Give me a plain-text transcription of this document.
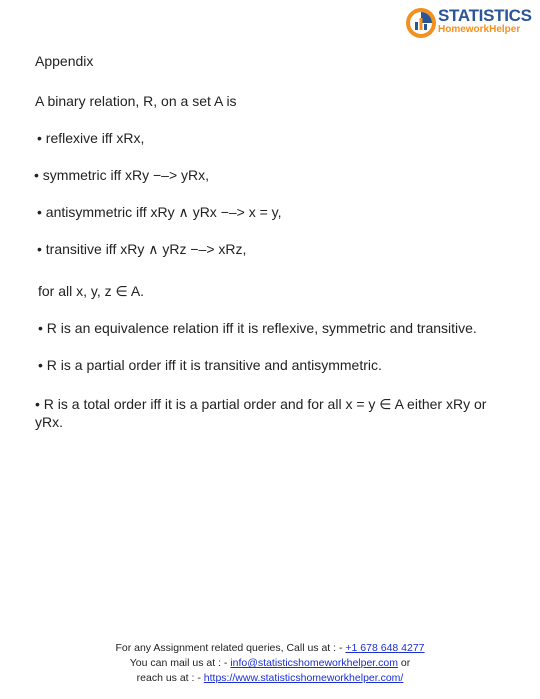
STATISTICS
HomeworkHelper
Appendix
A binary relation, R, on a set A is
• reflexive iff xRx,
• symmetric iff xRy −–> yRx,
• antisymmetric iff xRy ∧ yRx −–> x = y,
• transitive iff xRy ∧ yRz −–> xRz,
for all x, y, z ∈ A.
• R is an equivalence relation iff it is reflexive, symmetric and transitive.
• R is a partial order iff it is transitive and antisymmetric.
• R is a total order iff it is a partial order and for all x = y ∈ A either xRy or yRx.
For any Assignment related queries, Call us at : - +1 678 648 4277
You can mail us at : - info@statisticshomeworkhelper.com or
reach us at : - https://www.statisticshomeworkhelper.com/
